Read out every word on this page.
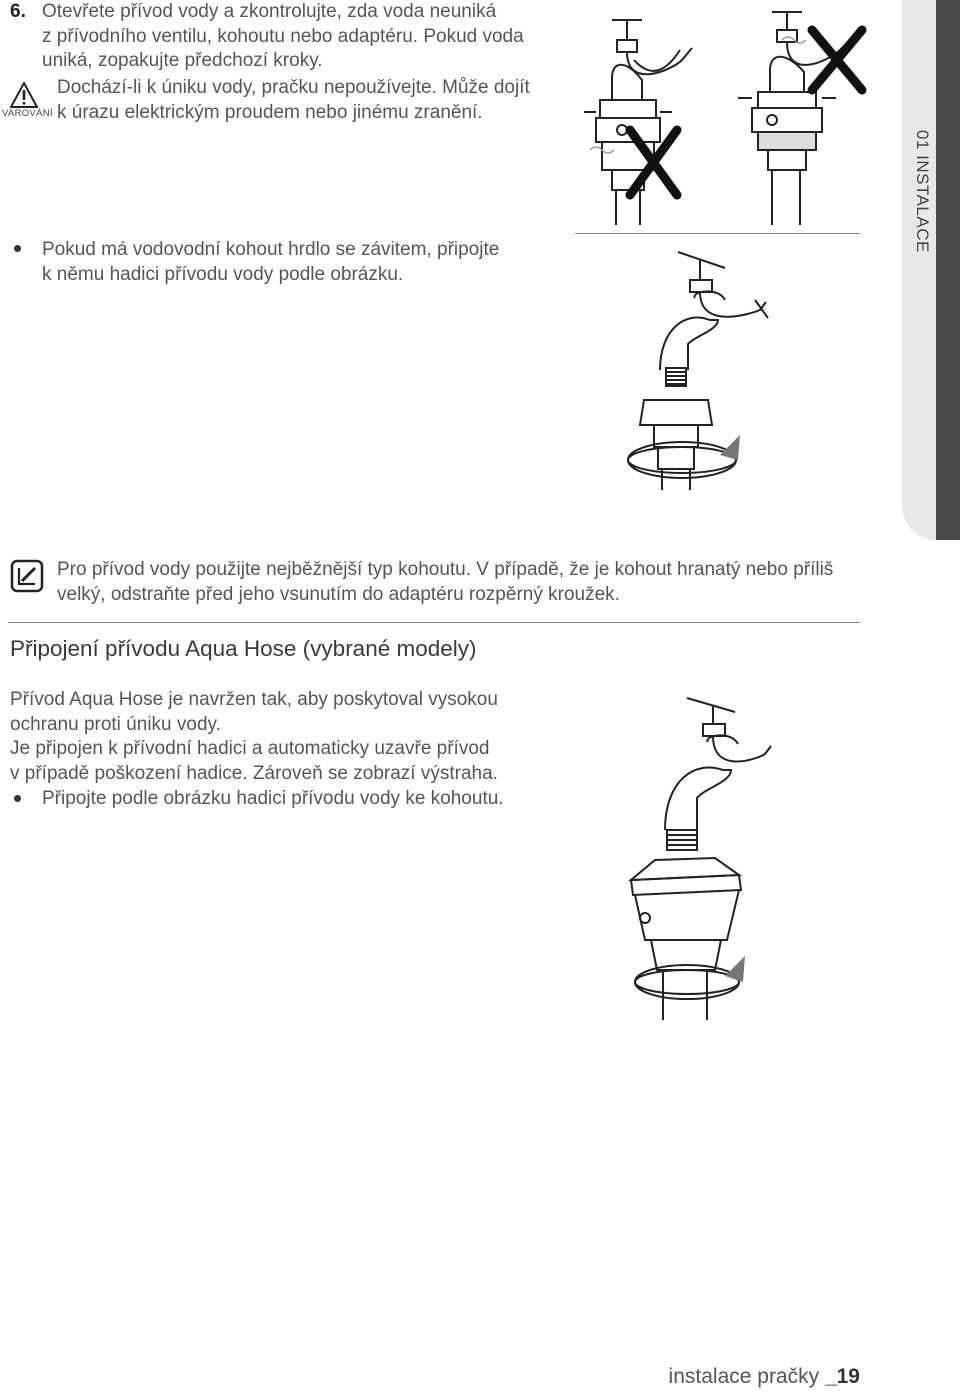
6. Otevřete přívod vody a zkontrolujte, zda voda neuniká
z přívodního ventilu, kohoutu nebo adaptéru. Pokud voda
uniká, zopakujte předchozí kroky.
VAROVÁNÍ
Dochází-li k úniku vody, pračku nepoužívejte. Může dojít
k úrazu elektrickým proudem nebo jinému zranění.
Pokud má vodovodní kohout hrdlo se závitem, připojte
k němu hadici přívodu vody podle obrázku.
01 INSTALACE
Pro přívod vody použijte nejběžnější typ kohoutu. V případě, že je kohout hranatý nebo příliš
velký, odstraňte před jeho vsunutím do adaptéru rozpěrný kroužek.
Připojení přívodu Aqua Hose (vybrané modely)
Přívod Aqua Hose je navržen tak, aby poskytoval vysokou
ochranu proti úniku vody.
Je připojen k přívodní hadici a automaticky uzavře přívod
v případě poškození hadice. Zároveň se zobrazí výstraha.
Připojte podle obrázku hadici přívodu vody ke kohoutu.
instalace pračky _19
